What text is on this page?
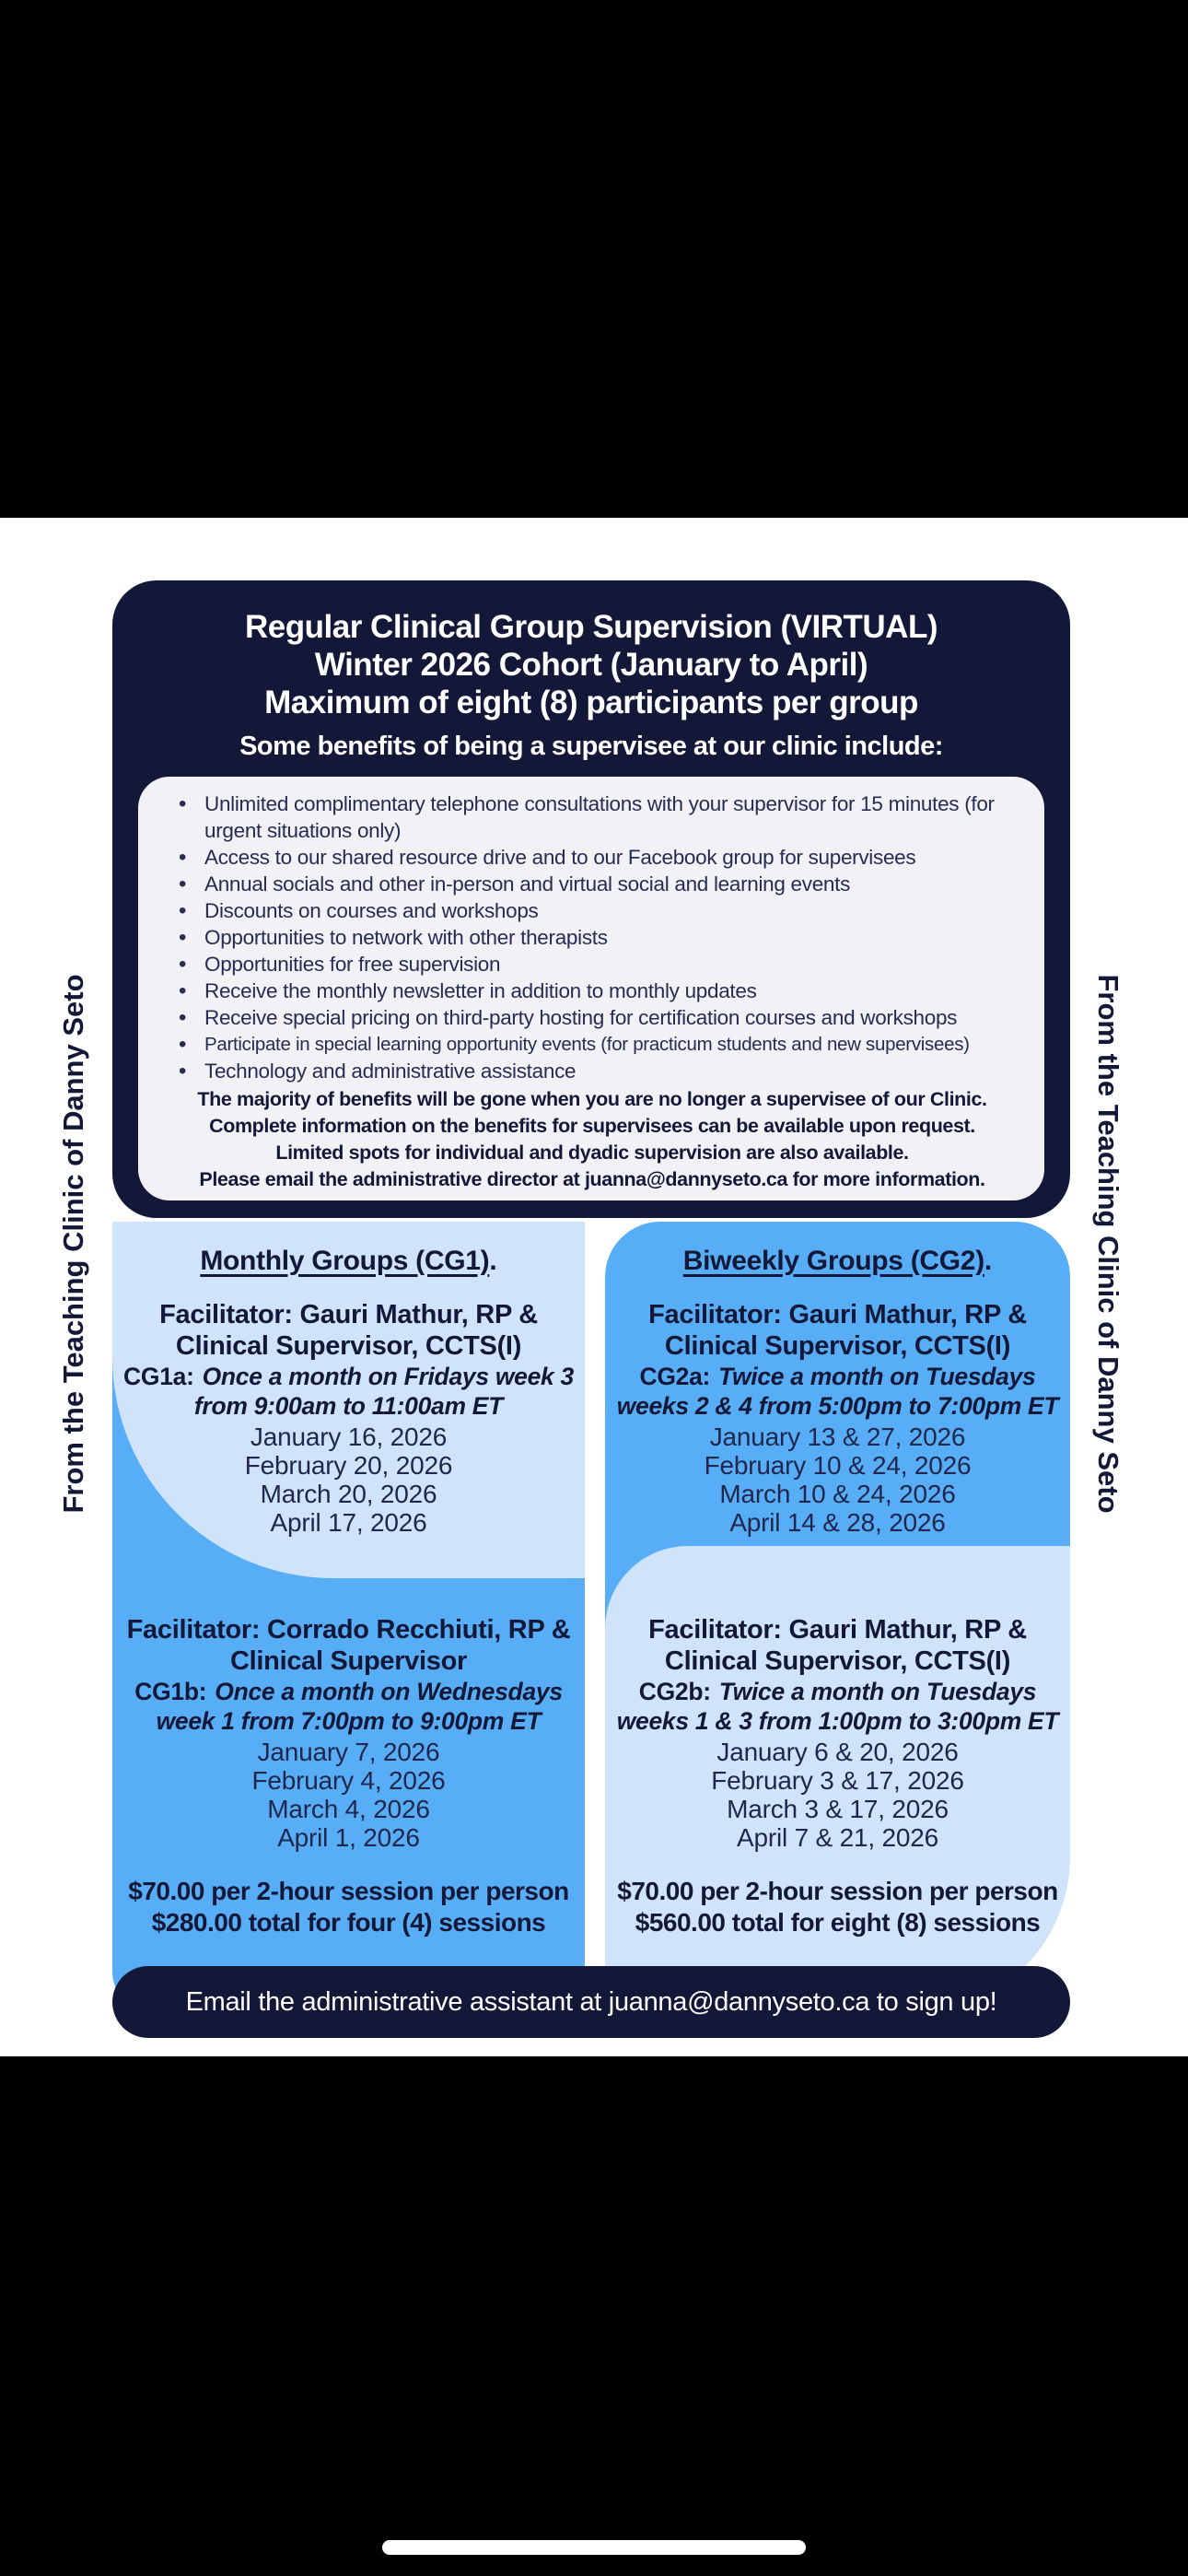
From the Teaching Clinic of Danny Seto	From the Teaching Clinic of Danny Seto
Regular Clinical Group Supervision (VIRTUAL)
Winter 2026 Cohort (January to April)
Maximum of eight (8) participants per group
Some benefits of being a supervisee at our clinic include:
• Unlimited complimentary telephone consultations with your supervisor for 15 minutes (for urgent situations only)
• Access to our shared resource drive and to our Facebook group for supervisees
• Annual socials and other in-person and virtual social and learning events
• Discounts on courses and workshops
• Opportunities to network with other therapists
• Opportunities for free supervision
• Receive the monthly newsletter in addition to monthly updates
• Receive special pricing on third-party hosting for certification courses and workshops
• Participate in special learning opportunity events (for practicum students and new supervisees)
• Technology and administrative assistance
The majority of benefits will be gone when you are no longer a supervisee of our Clinic.
Complete information on the benefits for supervisees can be available upon request.
Limited spots for individual and dyadic supervision are also available.
Please email the administrative director at juanna@dannyseto.ca for more information.
Monthly Groups (CG1).
Facilitator: Gauri Mathur, RP &
Clinical Supervisor, CCTS(I)
CG1a: Once a month on Fridays week 3 from 9:00am to 11:00am ET
January 16, 2026
February 20, 2026
March 20, 2026
April 17, 2026
Facilitator: Corrado Recchiuti, RP &
Clinical Supervisor
CG1b: Once a month on Wednesdays week 1 from 7:00pm to 9:00pm ET
January 7, 2026
February 4, 2026
March 4, 2026
April 1, 2026
$70.00 per 2-hour session per person
$280.00 total for four (4) sessions
Biweekly Groups (CG2).
Facilitator: Gauri Mathur, RP &
Clinical Supervisor, CCTS(I)
CG2a: Twice a month on Tuesdays weeks 2 & 4 from 5:00pm to 7:00pm ET
January 13 & 27, 2026
February 10 & 24, 2026
March 10 & 24, 2026
April 14 & 28, 2026
Facilitator: Gauri Mathur, RP &
Clinical Supervisor, CCTS(I)
CG2b: Twice a month on Tuesdays weeks 1 & 3 from 1:00pm to 3:00pm ET
January 6 & 20, 2026
February 3 & 17, 2026
March 3 & 17, 2026
April 7 & 21, 2026
$70.00 per 2-hour session per person
$560.00 total for eight (8) sessions
Email the administrative assistant at juanna@dannyseto.ca to sign up!
